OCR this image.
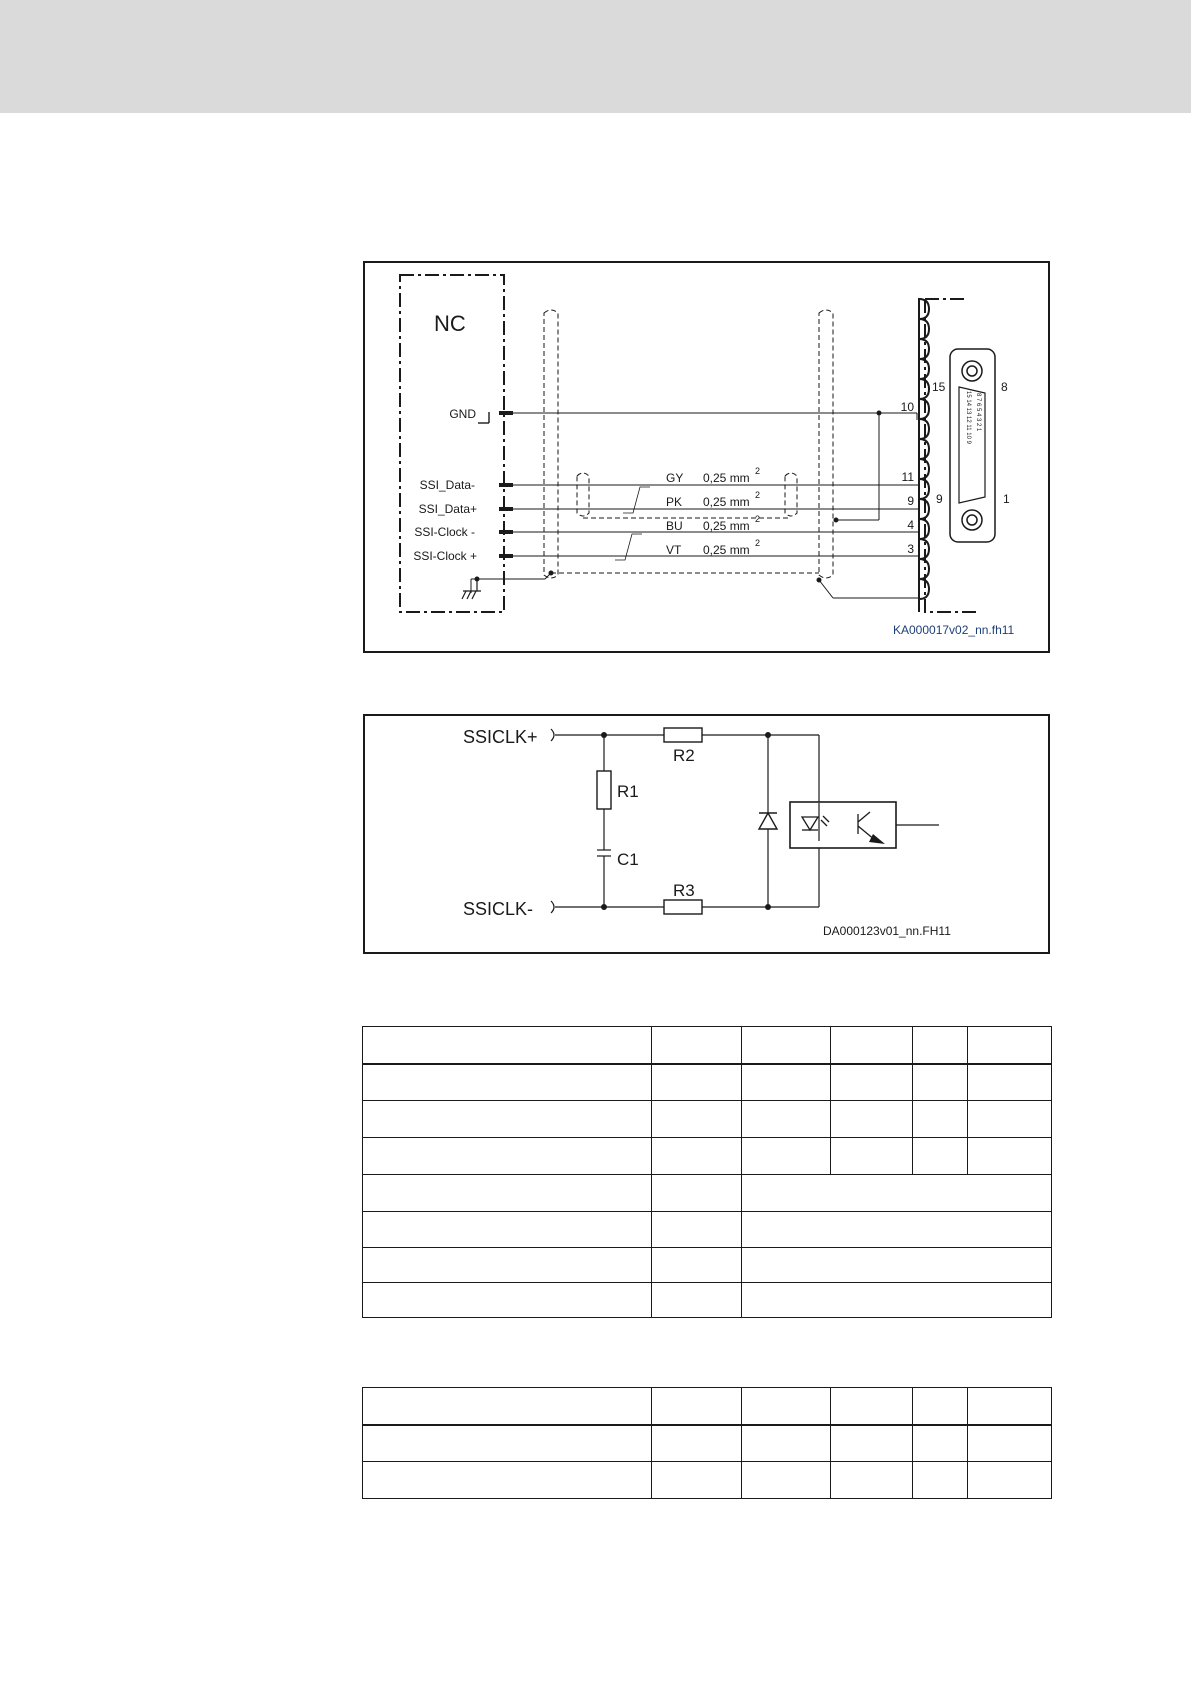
NC
GND
SSI_Data-
SSI_Data+
SSI-Clock -
SSI-Clock +
GY 0,25 mm 2
PK 0,25 mm 2
BU 0,25 mm 2
VT 0,25 mm 2
10
11
9
4
3
15 14 13 12 11 10 9 8 7 6 5 4 3 2 1
15	8
9	1
KA000017v02_nn.fh11
SSICLK+
SSICLK-
R1
R2
R3
C1
DA000123v01_nn.FH11
